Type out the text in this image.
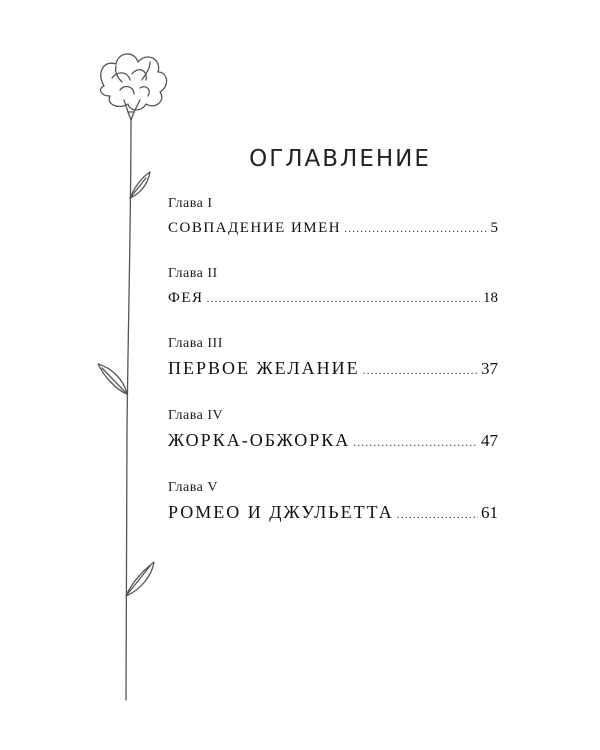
ОГЛАВЛЕНИЕ
Глава I
СОВПАДЕНИЕ ИМЕН .....	5
Глава II
ФЕЯ .....	18
Глава III
ПЕРВОЕ ЖЕЛАНИЕ .....	37
Глава IV
ЖОРКА-ОБЖОРКА .....	47
Глава V
РОМЕО И ДЖУЛЬЕТТА .....	61
